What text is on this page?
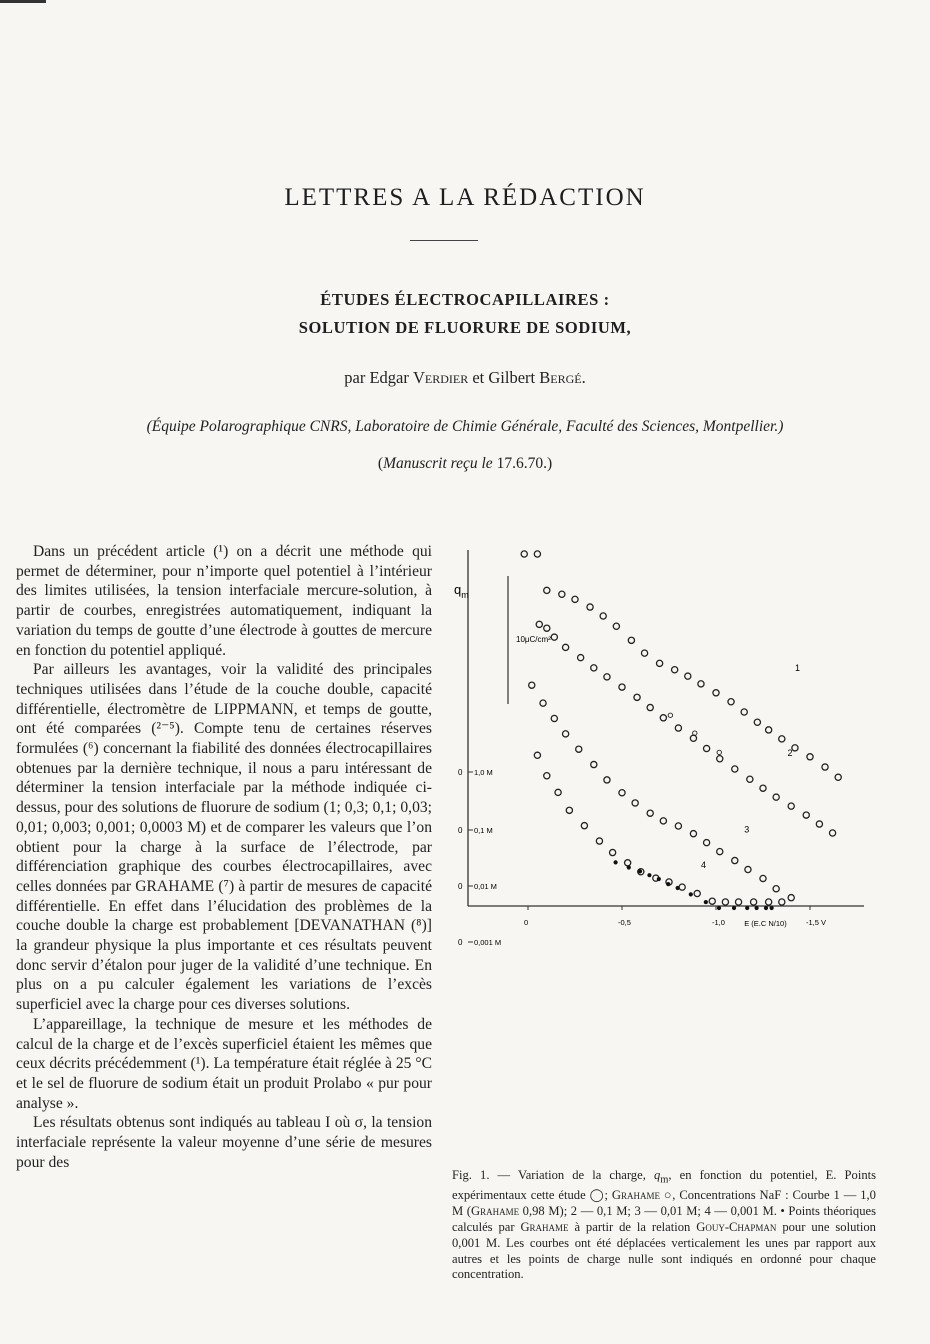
LETTRES A LA RÉDACTION
ÉTUDES ÉLECTROCAPILLAIRES :
SOLUTION DE FLUORURE DE SODIUM,
par Edgar Verdier et Gilbert Bergé.
(Équipe Polarographique CNRS, Laboratoire de Chimie Générale, Faculté des Sciences, Montpellier.)
(Manuscrit reçu le 17.6.70.)

Dans un précédent article (¹) on a décrit une méthode qui permet de déterminer, pour n’importe quel potentiel à l’intérieur des limites utilisées, la tension interfaciale mercure-solution, à partir de courbes, enregistrées automatiquement, indiquant la variation du temps de goutte d’une électrode à gouttes de mercure en fonction du potentiel appliqué.

Par ailleurs les avantages, voir la validité des principales techniques utilisées dans l’étude de la couche double, capacité différentielle, électromètre de LIPPMANN, et temps de goutte, ont été comparées (²⁻⁵). Compte tenu de certaines réserves formulées (⁶) concernant la fiabilité des données électrocapillaires obtenues par la dernière technique, il nous a paru intéressant de déterminer la tension interfaciale par la méthode indiquée ci-dessus, pour des solutions de fluorure de sodium (1; 0,3; 0,1; 0,03; 0,01; 0,003; 0,001; 0,0003 M) et de comparer les valeurs que l’on obtient pour la charge à la surface de l’électrode, par différenciation graphique des courbes électrocapillaires, avec celles données par GRAHAME (⁷) à partir de mesures de capacité différentielle. En effet dans l’élucidation des problèmes de la couche double la charge est probablement [DEVANATHAN (⁸)] la grandeur physique la plus importante et ces résultats peuvent donc servir d’étalon pour juger de la validité d’une technique. En plus on a pu calculer également les variations de l’excès superficiel avec la charge pour ces diverses solutions.

L’appareillage, la technique de mesure et les méthodes de calcul de la charge et de l’excès superficiel étaient les mêmes que ceux décrits précédemment (¹). La température était réglée à 25 °C et le sel de fluorure de sodium était un produit Prolabo « pur pour analyse ».

Les résultats obtenus sont indiqués au tableau I où σ, la tension interfaciale représente la valeur moyenne d’une série de mesures pour des

$q_m$
0 1,0 M
0 0,1 M
0 0,01 M
0 0,001 M
10μC/cm²
0	-0,5	-1,0	-1,5 V
E (E.C N/10)
1
2
3
4
Fig. 1. — Variation de la charge, $q_m$, en fonction du potentiel, E. Points expérimentaux cette étude ◯; Grahame ○, Concentrations NaF : Courbe 1 — 1,0 M (Grahame 0,98 M); 2 — 0,1 M; 3 — 0,01 M; 4 — 0,001 M. • Points théoriques calculés par Grahame à partir de la relation Gouy-Chapman pour une solution 0,001 M. Les courbes ont été déplacées verticalement les unes par rapport aux autres et les points de charge nulle sont indiqués en ordonné pour chaque concentration.
